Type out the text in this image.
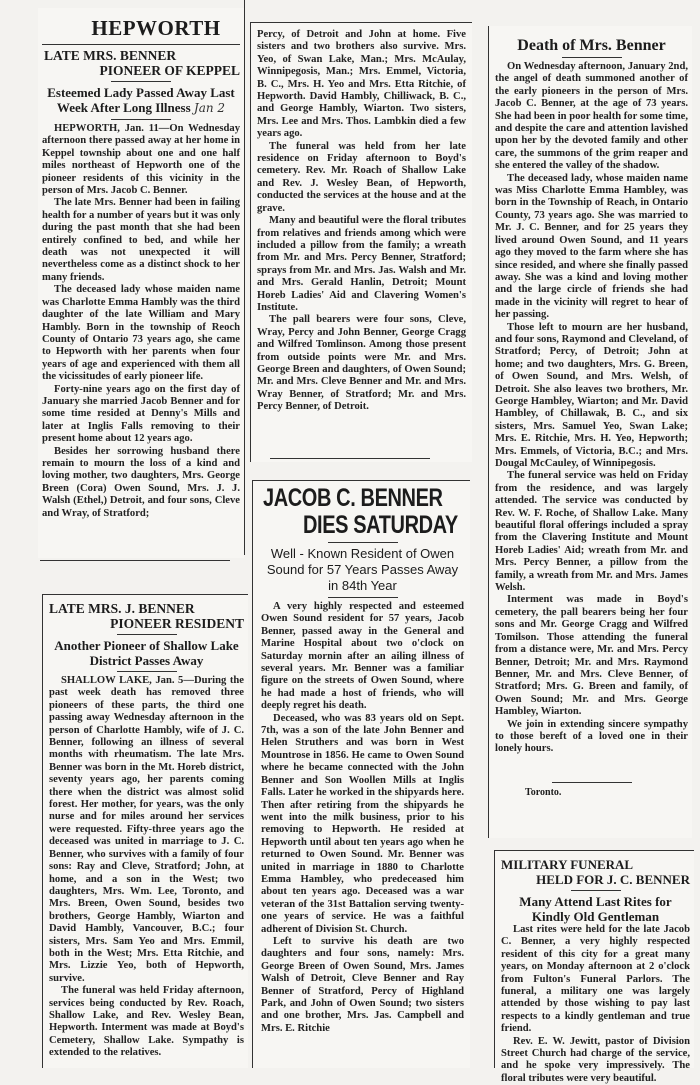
HEPWORTH
LATE MRS. BENNER
PIONEER OF KEPPEL
Esteemed Lady Passed Away Last Week After Long Illness Jan 2

HEPWORTH, Jan. 11—On Wednesday afternoon there passed away at her home in Keppel township about one and one half miles northeast of Hepworth one of the pioneer residents of this vicinity in the person of Mrs. Jacob C. Benner.

The late Mrs. Benner had been in failing health for a number of years but it was only during the past month that she had been entirely confined to bed, and while her death was not unexpected it will nevertheless come as a distinct shock to her many friends.

The deceased lady whose maiden name was Charlotte Emma Hambly was the third daughter of the late William and Mary Hambly. Born in the township of Reoch County of Ontario 73 years ago, she came to Hepworth with her parents when four years of age and experienced with them all the vicissitudes of early pioneer life.

Forty-nine years ago on the first day of January she married Jacob Benner and for some time resided at Denny's Mills and later at Inglis Falls removing to their present home about 12 years ago.

Besides her sorrowing husband there remain to mourn the loss of a kind and loving mother, two daughters, Mrs. George Breen (Cora) Owen Sound, Mrs. J. J. Walsh (Ethel,) Detroit, and four sons, Cleve and Wray, of Stratford;

LATE MRS. J. BENNER
PIONEER RESIDENT
Another Pioneer of Shallow Lake District Passes Away

SHALLOW LAKE, Jan. 5—During the past week death has removed three pioneers of these parts, the third one passing away Wednesday afternoon in the person of Charlotte Hambly, wife of J. C. Benner, following an illness of several months with rheumatism. The late Mrs. Benner was born in the Mt. Horeb district, seventy years ago, her parents coming there when the district was almost solid forest. Her mother, for years, was the only nurse and for miles around her services were requested. Fifty-three years ago the deceased was united in marriage to J. C. Benner, who survives with a family of four sons: Ray and Cleve, Stratford; John, at home, and a son in the West; two daughters, Mrs. Wm. Lee, Toronto, and Mrs. Breen, Owen Sound, besides two brothers, George Hambly, Wiarton and David Hambly, Vancouver, B.C.; four sisters, Mrs. Sam Yeo and Mrs. Emmil, both in the West; Mrs. Etta Ritchie, and Mrs. Lizzie Yeo, both of Hepworth, survive.

The funeral was held Friday afternoon, services being conducted by Rev. Roach, Shallow Lake, and Rev. Wesley Bean, Hepworth. Interment was made at Boyd's Cemetery, Shallow Lake. Sympathy is extended to the relatives.

Percy, of Detroit and John at home. Five sisters and two brothers also survive. Mrs. Yeo, of Swan Lake, Man.; Mrs. McAulay, Winnipegosis, Man.; Mrs. Emmel, Victoria, B. C., Mrs. H. Yeo and Mrs. Etta Ritchie, of Hepworth. David Hambly, Chilliwack, B. C., and George Hambly, Wiarton. Two sisters, Mrs. Lee and Mrs. Thos. Lambkin died a few years ago.

The funeral was held from her late residence on Friday afternoon to Boyd's cemetery. Rev. Mr. Roach of Shallow Lake and Rev. J. Wesley Bean, of Hepworth, conducted the services at the house and at the grave.

Many and beautiful were the floral tributes from relatives and friends among which were included a pillow from the family; a wreath from Mr. and Mrs. Percy Benner, Stratford; sprays from Mr. and Mrs. Jas. Walsh and Mr. and Mrs. Gerald Hanlin, Detroit; Mount Horeb Ladies' Aid and Clavering Women's Institute.

The pall bearers were four sons, Cleve, Wray, Percy and John Benner, George Cragg and Wilfred Tomlinson. Among those present from outside points were Mr. and Mrs. George Breen and daughters, of Owen Sound; Mr. and Mrs. Cleve Benner and Mr. and Mrs. Wray Benner, of Stratford; Mr. and Mrs. Percy Benner, of Detroit.

JACOB C. BENNER
DIES SATURDAY
Well - Known Resident of Owen Sound for 57 Years Passes Away in 84th Year

A very highly respected and esteemed Owen Sound resident for 57 years, Jacob Benner, passed away in the General and Marine Hospital about two o'clock on Saturday mornin after an ailing illness of several years. Mr. Benner was a familiar figure on the streets of Owen Sound, where he had made a host of friends, who will deeply regret his death.

Deceased, who was 83 years old on Sept. 7th, was a son of the late John Benner and Helen Struthers and was born in West Mountrose in 1856. He came to Owen Sound where he became connected with the John Benner and Son Woollen Mills at Inglis Falls. Later he worked in the shipyards here. Then after retiring from the shipyards he went into the milk business, prior to his removing to Hepworth. He resided at Hepworth until about ten years ago when he returned to Owen Sound. Mr. Benner was united in marriage in 1880 to Charlotte Emma Hambley, who predeceased him about ten years ago. Deceased was a war veteran of the 31st Battalion serving twenty-one years of service. He was a faithful adherent of Division St. Church.

Left to survive his death are two daughters and four sons, namely: Mrs. George Breen of Owen Sound, Mrs. James Walsh of Detroit, Cleve Benner and Ray Benner of Stratford, Percy of Highland Park, and John of Owen Sound; two sisters and one brother, Mrs. Jas. Campbell and Mrs. E. Ritchie

Death of Mrs. Benner

On Wednesday afternoon, January 2nd, the angel of death summoned another of the early pioneers in the person of Mrs. Jacob C. Benner, at the age of 73 years. She had been in poor health for some time, and despite the care and attention lavished upon her by the devoted family and other care, the summons of the grim reaper and she entered the valley of the shadow.

The deceased lady, whose maiden name was Miss Charlotte Emma Hambley, was born in the Township of Reach, in Ontario County, 73 years ago. She was married to Mr. J. C. Benner, and for 25 years they lived around Owen Sound, and 11 years ago they moved to the farm where she has since resided, and where she finally passed away. She was a kind and loving mother and the large circle of friends she had made in the vicinity will regret to hear of her passing.

Those left to mourn are her husband, and four sons, Raymond and Cleveland, of Stratford; Percy, of Detroit; John at home; and two daughters, Mrs. G. Breen, of Owen Sound, and Mrs. Welsh, of Detroit. She also leaves two brothers, Mr. George Hambley, Wiarton; and Mr. David Hambley, of Chillawak, B. C., and six sisters, Mrs. Samuel Yeo, Swan Lake; Mrs. E. Ritchie, Mrs. H. Yeo, Hepworth; Mrs. Emmels, of Victoria, B.C.; and Mrs. Dougal McCauley, of Winnipegosis.

The funeral service was held on Friday from the residence, and was largely attended. The service was conducted by Rev. W. F. Roche, of Shallow Lake. Many beautiful floral offerings included a spray from the Clavering Institute and Mount Horeb Ladies' Aid; wreath from Mr. and Mrs. Percy Benner, a pillow from the family, a wreath from Mr. and Mrs. James Welsh.

Interment was made in Boyd's cemetery, the pall bearers being her four sons and Mr. George Cragg and Wilfred Tomilson. Those attending the funeral from a distance were, Mr. and Mrs. Percy Benner, Detroit; Mr. and Mrs. Raymond Benner, Mr. and Mrs. Cleve Benner, of Stratford; Mrs. G. Breen and family, of Owen Sound; Mr. and Mrs. George Hambley, Wiarton.

We join in extending sincere sympathy to those bereft of a loved one in their lonely hours.

Toronto.
MILITARY FUNERAL
HELD FOR J. C. BENNER
Many Attend Last Rites for Kindly Old Gentleman

Last rites were held for the late Jacob C. Benner, a very highly respected resident of this city for a great many years, on Monday afternoon at 2 o'clock from Fulton's Funeral Parlors. The funeral, a military one was largely attended by those wishing to pay last respects to a kindly gentleman and true friend.

Rev. E. W. Jewitt, pastor of Division Street Church had charge of the service, and he spoke very impressively. The floral tributes were very beautiful.
